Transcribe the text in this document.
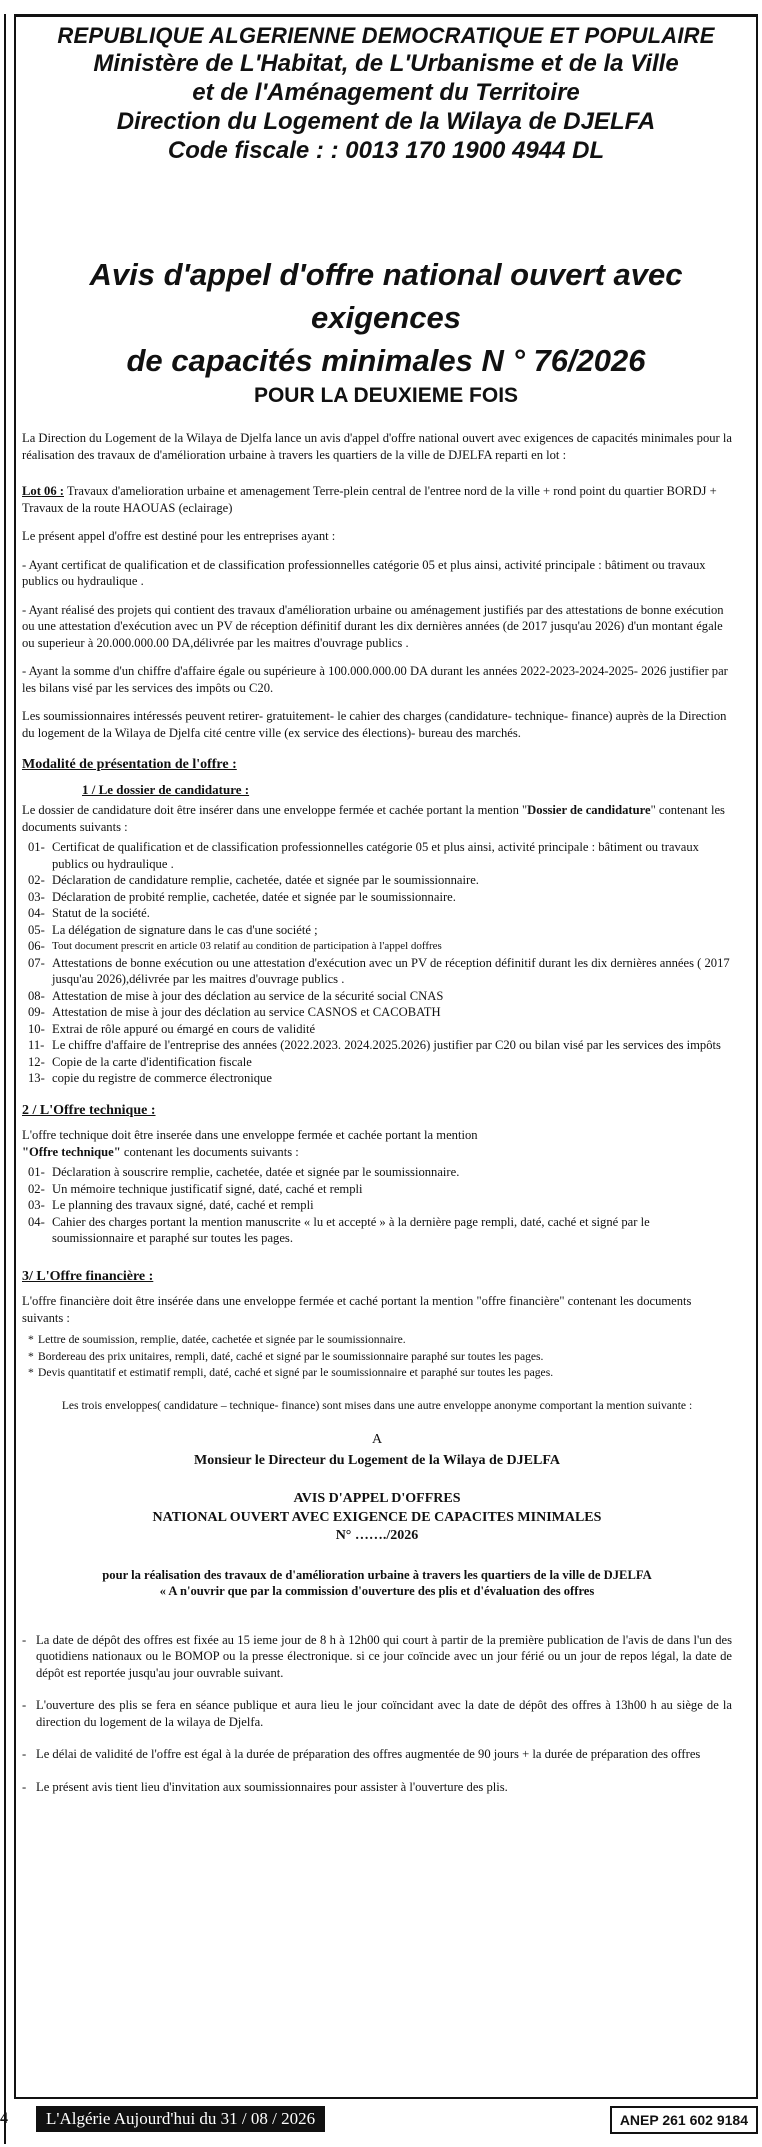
REPUBLIQUE ALGERIENNE DEMOCRATIQUE ET POPULAIRE
Ministère de L'Habitat, de L'Urbanisme et de la Ville
et de l'Aménagement du Territoire
Direction du Logement de la Wilaya de DJELFA
Code fiscale : : 0013 170 1900 4944 DL
Avis d'appel d'offre national ouvert avec exigences
de capacités minimales N ° 76/2026
POUR LA DEUXIEME FOIS

La Direction du Logement de la Wilaya de Djelfa lance un avis d'appel d'offre national ouvert avec exigences de capacités minimales pour la réalisation des travaux de d'amélioration urbaine à travers les quartiers de la ville de DJELFA reparti en lot :

Lot 06 : Travaux d'amelioration urbaine et amenagement Terre-plein central de l'entree nord de la ville + rond point du quartier BORDJ + Travaux de la route HAOUAS (eclairage)

Le présent appel d'offre est destiné pour les entreprises ayant :

- Ayant certificat de qualification et de classification professionnelles catégorie 05 et plus ainsi, activité principale : bâtiment ou travaux publics ou hydraulique .

- Ayant réalisé des projets qui contient des travaux d'amélioration urbaine ou aménagement justifiés par des attestations de bonne exécution ou une attestation d'exécution avec un PV de réception définitif durant les dix dernières années (de 2017 jusqu'au 2026) d'un montant égale ou superieur à 20.000.000.00 DA,délivrée par les maitres d'ouvrage publics .

- Ayant la somme d'un chiffre d'affaire égale ou supérieure à 100.000.000.00 DA durant les années 2022-2023-2024-2025- 2026 justifier par les bilans visé par les services des impôts ou C20.

Les soumissionnaires intéressés peuvent retirer- gratuitement- le cahier des charges (candidature- technique- finance) auprès de la Direction du logement de la Wilaya de Djelfa cité centre ville (ex service des élections)- bureau des marchés.

Modalité de présentation de l'offre :
1 / Le dossier de candidature :
Le dossier de candidature doit être insérer dans une enveloppe fermée et cachée portant la mention "Dossier de candidature" contenant les documents suivants :
01- Certificat de qualification et de classification professionnelles catégorie 05 et plus ainsi, activité principale : bâtiment ou travaux publics ou hydraulique .
02- Déclaration de candidature remplie, cachetée, datée et signée par le soumissionnaire.
03- Déclaration de probité remplie, cachetée, datée et signée par le soumissionnaire.
04- Statut de la société.
05- La délégation de signature dans le cas d'une société ;
06- Tout document prescrit en article 03 relatif au condition de participation à l'appel doffres
07- Attestations de bonne exécution ou une attestation d'exécution avec un PV de réception définitif durant les dix dernières années ( 2017 jusqu'au 2026),délivrée par les maitres d'ouvrage publics .
08- Attestation de mise à jour des déclation au service de la sécurité social CNAS
09- Attestation de mise à jour des déclation au service CASNOS et CACOBATH
10- Extrai de rôle appuré ou émargé en cours de validité
11- Le chiffre d'affaire de l'entreprise des années (2022.2023. 2024.2025.2026) justifier par C20 ou bilan visé par les services des impôts
12- Copie de la carte d'identification fiscale
13- copie du registre de commerce électronique
2 / L'Offre technique :
L'offre technique doit être inserée dans une enveloppe fermée et cachée portant la mention
"Offre technique" contenant les documents suivants :
01- Déclaration à souscrire remplie, cachetée, datée et signée par le soumissionnaire.
02- Un mémoire technique justificatif signé, daté, caché et rempli
03- Le planning des travaux signé, daté, caché et rempli
04- Cahier des charges portant la mention manuscrite « lu et accepté » à la dernière page rempli, daté, caché et signé par le soumissionnaire et paraphé sur toutes les pages.
3/ L'Offre financière :

L'offre financière doit être insérée dans une enveloppe fermée et caché portant la mention "offre financière" contenant les documents suivants :

* Lettre de soumission, remplie, datée, cachetée et signée par le soumissionnaire.
* Bordereau des prix unitaires, rempli, daté, caché et signé par le soumissionnaire paraphé sur toutes les pages.
* Devis quantitatif et estimatif rempli, daté, caché et signé par le soumissionnaire et paraphé sur toutes les pages.

Les trois enveloppes( candidature – technique- finance) sont mises dans une autre enveloppe anonyme comportant la mention suivante :

A
Monsieur le Directeur du Logement de la Wilaya de DJELFA
AVIS D'APPEL D'OFFRES
NATIONAL OUVERT AVEC EXIGENCE DE CAPACITES MINIMALES
N° ……./2026
pour la réalisation des travaux de d'amélioration urbaine à travers les quartiers de la ville de DJELFA
« A n'ouvrir que par la commission d'ouverture des plis et d'évaluation des offres
- La date de dépôt des offres est fixée au 15 ieme jour de 8 h à 12h00 qui court à partir de la première publication de l'avis de dans l'un des quotidiens nationaux ou le BOMOP ou la presse électronique. si ce jour coïncide avec un jour férié ou un jour de repos légal, la date de dépôt est reportée jusqu'au jour ouvrable suivant.
- L'ouverture des plis se fera en séance publique et aura lieu le jour coïncidant avec la date de dépôt des offres à 13h00 h au siège de la direction du logement de la wilaya de Djelfa.
- Le délai de validité de l'offre est égal à la durée de préparation des offres augmentée de 90 jours + la durée de préparation des offres
- Le présent avis tient lieu d'invitation aux soumissionnaires pour assister à l'ouverture des plis.
4	L'Algérie Aujourd'hui du 31 / 08 / 2026	ANEP 261 602 9184
